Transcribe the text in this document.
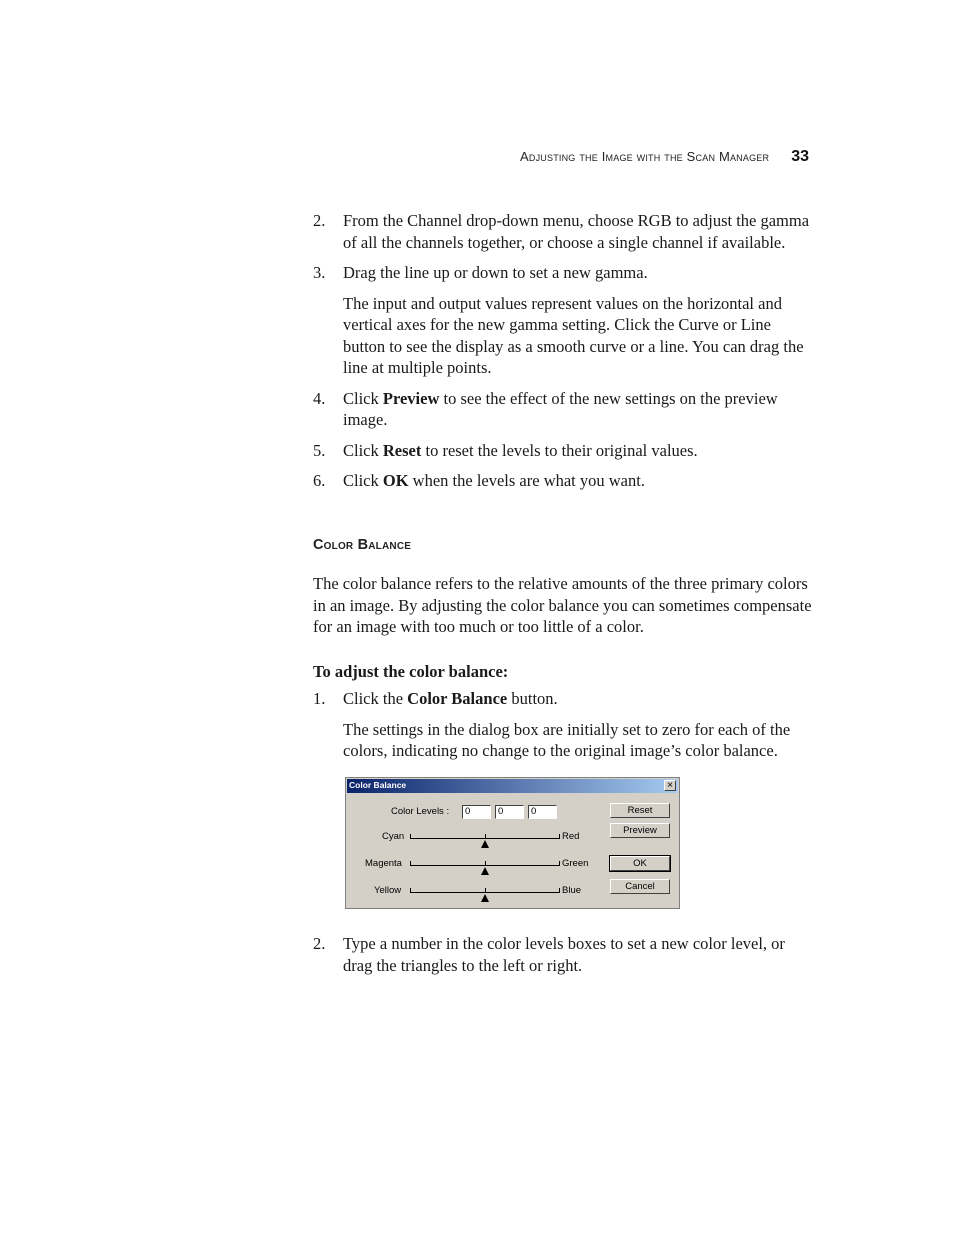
Adjusting the Image with the Scan Manager 33

2. From the Channel drop-down menu, choose RGB to adjust the gamma of all the channels together, or choose a single channel if available.

3. Drag the line up or down to set a new gamma.

The input and output values represent values on the horizontal and vertical axes for the new gamma setting. Click the Curve or Line button to see the display as a smooth curve or a line. You can drag the line at multiple points.

4. Click Preview to see the effect of the new settings on the preview image.

5. Click Reset to reset the levels to their original values.

6. Click OK when the levels are what you want.

Color Balance

The color balance refers to the relative amounts of the three primary colors in an image. By adjusting the color balance you can sometimes compensate for an image with too much or too little of a color.

To adjust the color balance:

1. Click the Color Balance button.

The settings in the dialog box are initially set to zero for each of the colors, indicating no change to the original image’s color balance.

Color Balance	×
Color Levels :	0	0	0
Cyan	Red
Magenta	Green
Yellow	Blue
Reset
Preview
OK
Cancel

2. Type a number in the color levels boxes to set a new color level, or drag the triangles to the left or right.
